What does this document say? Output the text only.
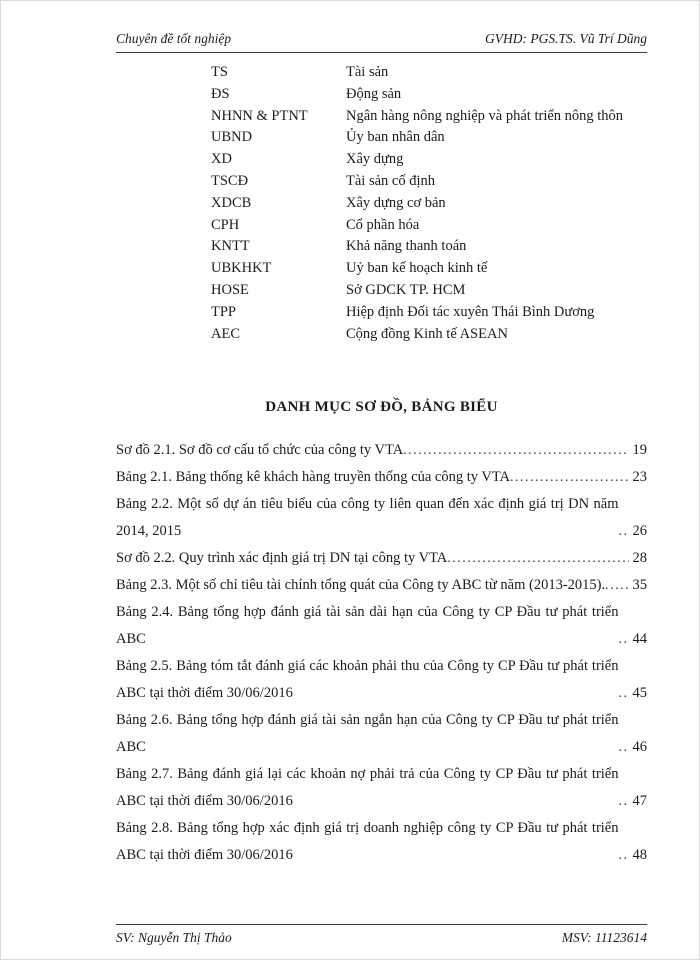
Chuyên đề tốt nghiệp	GVHD: PGS.TS. Vũ Trí Dũng
TS	Tài sản
ĐS	Động sản
NHNN & PTNT	Ngân hàng nông nghiệp và phát triển nông thôn
UBND	Ủy ban nhân dân
XD	Xây dựng
TSCĐ	Tài sản cố định
XDCB	Xây dựng cơ bản
CPH	Cổ phần hóa
KNTT	Khả năng thanh toán
UBKHKT	Uỷ ban kế hoạch kinh tế
HOSE	Sở GDCK TP. HCM
TPP	Hiệp định Đối tác xuyên Thái Bình Dương
AEC	Cộng đồng Kinh tế ASEAN
DANH MỤC SƠ ĐỒ, BẢNG BIỂU
Sơ đồ 2.1. Sơ đồ cơ cấu tổ chức của công ty VTA .....	19
Bảng 2.1. Bảng thống kê khách hàng truyền thống của công ty VTA .....	23
Bảng 2.2. Một số dự án tiêu biểu của công ty liên quan đến xác định giá trị DN năm 2014, 2015 .....	26
Sơ đồ 2.2. Quy trình xác định giá trị DN tại công ty VTA .....	28
Bảng 2.3. Một số chỉ tiêu tài chính tổng quát của Công ty ABC từ năm (2013-2015). ..... 35
Bảng 2.4. Bảng tổng hợp đánh giá tài sản dài hạn của Công ty CP Đầu tư phát triển ABC .....	44
Bảng 2.5. Bảng tóm tắt đánh giá các khoản phải thu của Công ty CP Đầu tư phát triển ABC tại thời điểm 30/06/2016 .....	45
Bảng 2.6. Bảng tổng hợp đánh giá tài sản ngắn hạn của Công ty CP Đầu tư phát triển ABC .....	46
Bảng 2.7. Bảng đánh giá lại các khoản nợ phải trả của Công ty CP Đầu tư phát triển ABC tại thời điểm 30/06/2016 .....	47
Bảng 2.8. Bảng tổng hợp xác định giá trị doanh nghiệp công ty CP Đầu tư phát triển ABC tại thời điểm 30/06/2016 .....	48
SV: Nguyễn Thị Thảo	MSV: 11123614
